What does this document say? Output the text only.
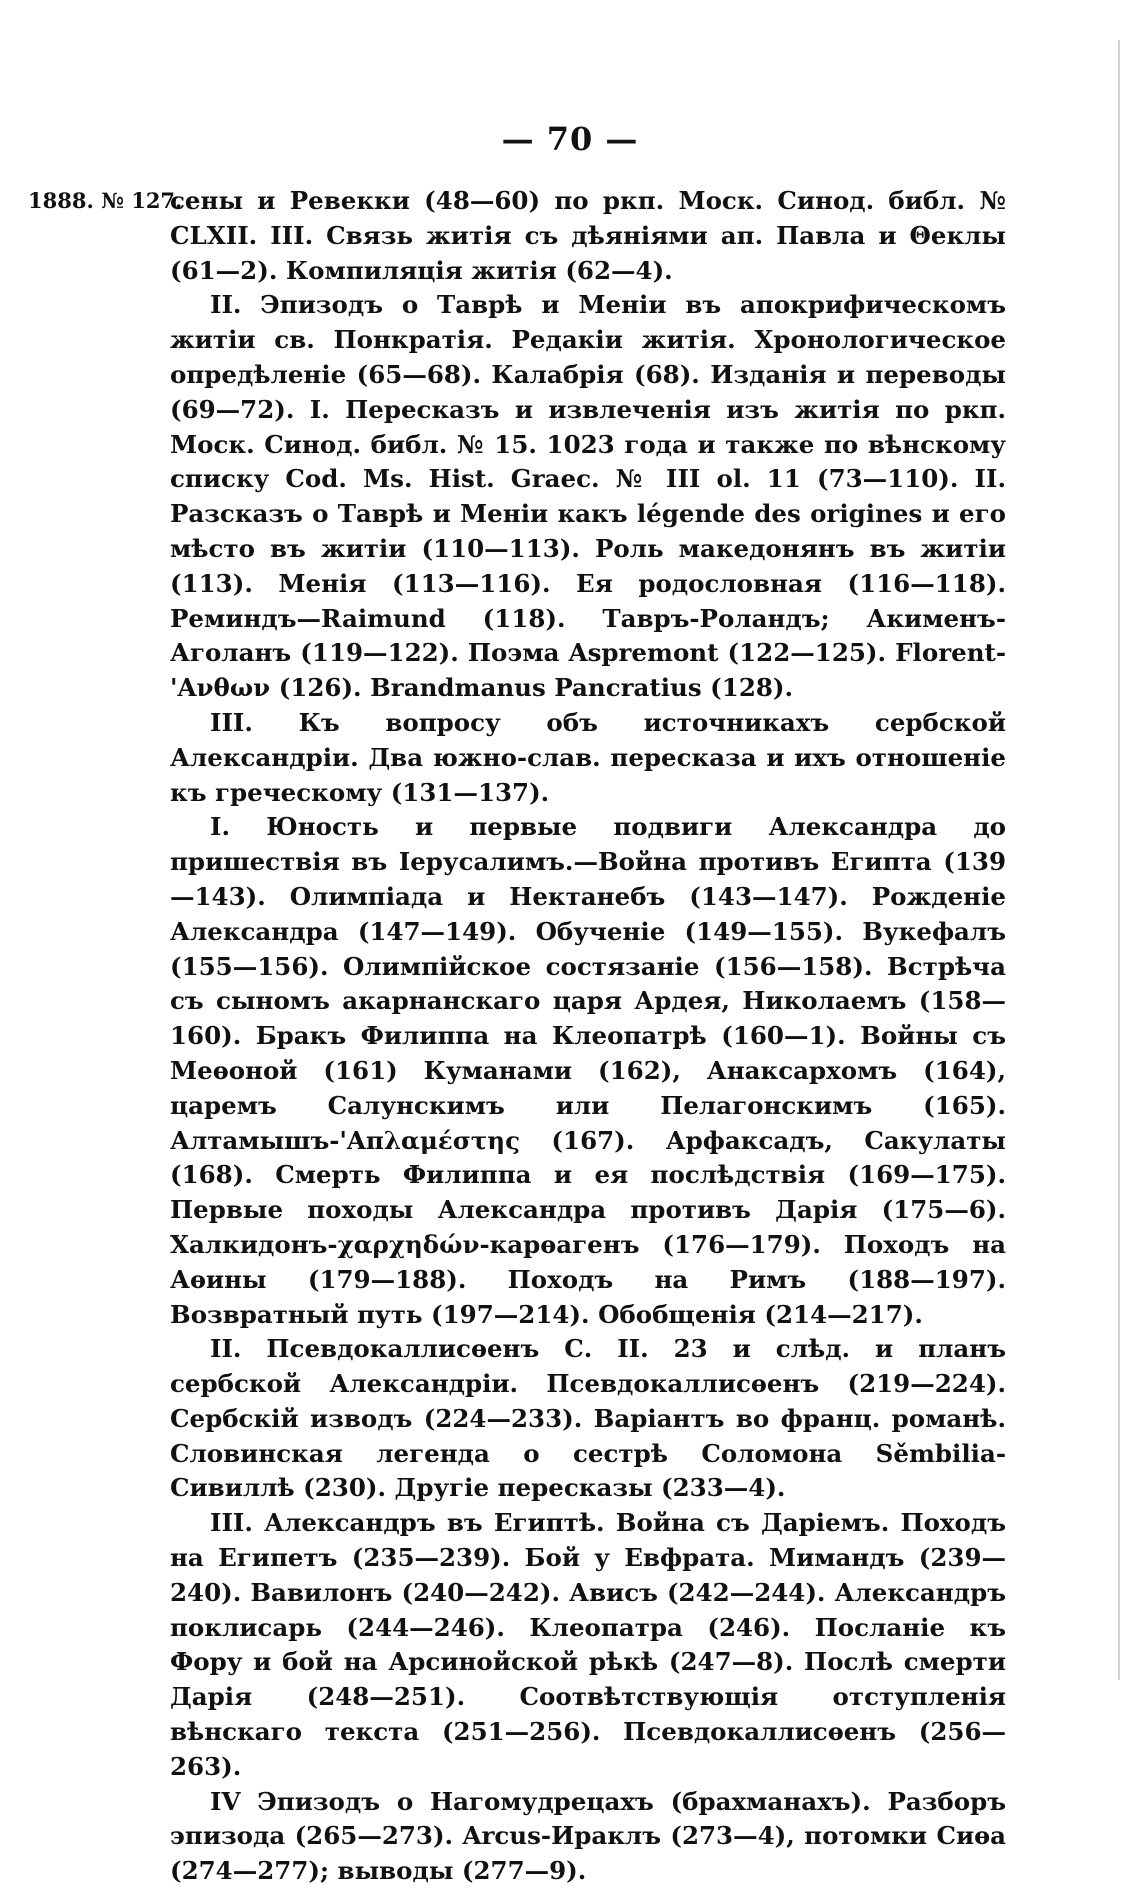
— 70 —
1888. № 127.

сены и Ревекки (48—60) по ркп. Моск. Синод. библ. № CLXII. III. Связь житія съ дѣяніями ап. Павла и Θеклы (61—2). Компиляція житія (62—4).

II. Эпизодъ о Таврѣ и Меніи въ апокрифическомъ житіи св. Понкратія. Редакіи житія. Хронологическое опредѣленіе (65—68). Калабрія (68). Изданія и переводы (69—72). I. Пересказъ и извлеченія изъ житія по ркп. Моск. Синод. библ. № 15. 1023 года и также по вѣнскому списку Cod. Ms. Hist. Graec. № III ol. 11 (73—110). II. Разсказъ о Таврѣ и Меніи какъ légende des origines и его мѣсто въ житіи (110—113). Роль македонянъ въ житіи (113). Менія (113—116). Ея родословная (116—118). Реминдъ—Raimund (118). Тавръ-Роландъ; Акименъ-Аголанъ (119—122). Поэма Aspremont (122—125). Florent-'Ανθων (126). Brandmanus Pancratius (128).

III. Къ вопросу объ источникахъ сербской Александріи. Два южно-слав. пересказа и ихъ отношеніе къ греческому (131—137).

I. Юность и первые подвиги Александра до пришествія въ Іерусалимъ.—Война противъ Египта (139—143). Олимпіада и Нектанебъ (143—147). Рожденіе Александра (147—149). Обученіе (149—155). Вукефалъ (155—156). Олимпійское состязаніе (156—158). Встрѣча съ сыномъ акарнанскаго царя Ардея, Николаемъ (158—160). Бракъ Филиппа на Клеопатрѣ (160—1). Войны съ Меѳоной (161) Куманами (162), Анаксархомъ (164), царемъ Салунскимъ или Пелагонскимъ (165). Алтамышъ-'Απλαμέστης (167). Арфаксадъ, Сакулаты (168). Смерть Филиппа и ея послѣдствія (169—175). Первые походы Александра противъ Дарія (175—6). Халкидонъ-χαρχηδών-карѳагенъ (176—179). Походъ на Аѳины (179—188). Походъ на Римъ (188—197). Возвратный путь (197—214). Обобщенія (214—217).

II. Псевдокаллисѳенъ С. II. 23 и слѣд. и планъ сербской Александріи. Псевдокаллисѳенъ (219—224). Сербскій изводъ (224—233). Варіантъ во франц. романѣ. Словинская легенда о сестрѣ Соломона Sěmbilia-Сивиллѣ (230). Другіе пересказы (233—4).

III. Александръ въ Египтѣ. Война съ Даріемъ. Походъ на Египетъ (235—239). Бой у Евфрата. Мимандъ (239—240). Вавилонъ (240—242). Ависъ (242—244). Александръ поклисарь (244—246). Клеопатра (246). Посланіе къ Фору и бой на Арсинойской рѣкѣ (247—8). Послѣ смерти Дарія (248—251). Соотвѣтствующія отступленія вѣнскаго текста (251—256). Псевдокаллисѳенъ (256—263).

IV Эпизодъ о Нагомудрецахъ (брахманахъ). Разборъ эпизода (265—273). Arcus-Ираклъ (273—4), потомки Сиѳа (274—277); выводы (277—9).
